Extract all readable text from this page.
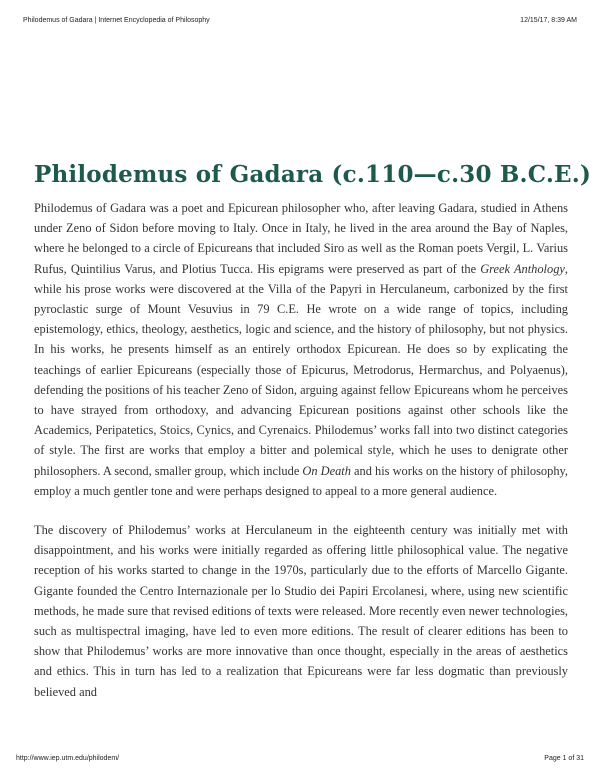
Philodemus of Gadara | Internet Encyclopedia of Philosophy	12/15/17, 8:39 AM
Philodemus of Gadara (c.110—c.30 B.C.E.)

Philodemus of Gadara was a poet and Epicurean philosopher who, after leaving Gadara, studied in Athens under Zeno of Sidon before moving to Italy. Once in Italy, he lived in the area around the Bay of Naples, where he belonged to a circle of Epicureans that included Siro as well as the Roman poets Vergil, L. Varius Rufus, Quintilius Varus, and Plotius Tucca. His epigrams were preserved as part of the Greek Anthology, while his prose works were discovered at the Villa of the Papyri in Herculaneum, carbonized by the first pyroclastic surge of Mount Vesuvius in 79 C.E. He wrote on a wide range of topics, including epistemology, ethics, theology, aesthetics, logic and science, and the history of philosophy, but not physics. In his works, he presents himself as an entirely orthodox Epicurean. He does so by explicating the teachings of earlier Epicureans (especially those of Epicurus, Metrodorus, Hermarchus, and Polyaenus), defending the positions of his teacher Zeno of Sidon, arguing against fellow Epicureans whom he perceives to have strayed from orthodoxy, and advancing Epicurean positions against other schools like the Academics, Peripatetics, Stoics, Cynics, and Cyrenaics. Philodemus’ works fall into two distinct categories of style. The first are works that employ a bitter and polemical style, which he uses to denigrate other philosophers. A second, smaller group, which include On Death and his works on the history of philosophy, employ a much gentler tone and were perhaps designed to appeal to a more general audience.

The discovery of Philodemus’ works at Herculaneum in the eighteenth century was initially met with disappointment, and his works were initially regarded as offering little philosophical value. The negative reception of his works started to change in the 1970s, particularly due to the efforts of Marcello Gigante. Gigante founded the Centro Internazionale per lo Studio dei Papiri Ercolanesi, where, using new scientific methods, he made sure that revised editions of texts were released. More recently even newer technologies, such as multispectral imaging, have led to even more editions. The result of clearer editions has been to show that Philodemus’ works are more innovative than once thought, especially in the areas of aesthetics and ethics. This in turn has led to a realization that Epicureans were far less dogmatic than previously believed and

http://www.iep.utm.edu/philodem/	Page 1 of 31
